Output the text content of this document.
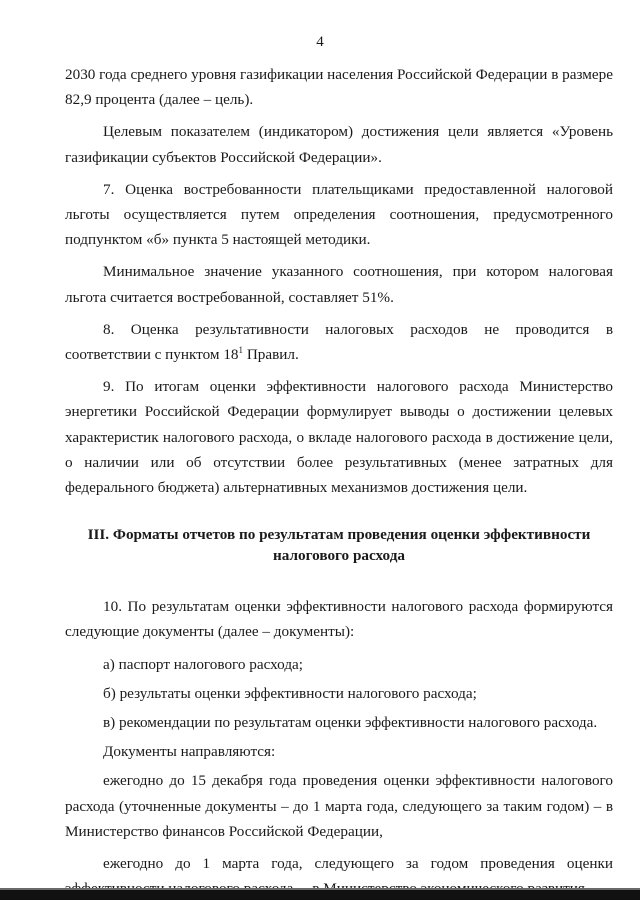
4

2030 года среднего уровня газификации населения Российской Федерации в размере 82,9 процента (далее – цель).

Целевым показателем (индикатором) достижения цели является «Уровень газификации субъектов Российской Федерации».

7. Оценка востребованности плательщиками предоставленной налоговой льготы осуществляется путем определения соотношения, предусмотренного подпунктом «б» пункта 5 настоящей методики.

Минимальное значение указанного соотношения, при котором налоговая льгота считается востребованной, составляет 51%.

8. Оценка результативности налоговых расходов не проводится в соответствии с пунктом $18^1$ Правил.

9. По итогам оценки эффективности налогового расхода Министерство энергетики Российской Федерации формулирует выводы о достижении целевых характеристик налогового расхода, о вкладе налогового расхода в достижение цели, о наличии или об отсутствии более результативных (менее затратных для федерального бюджета) альтернативных механизмов достижения цели.

III. Форматы отчетов по результатам проведения оценки эффективности
налогового расхода

10. По результатам оценки эффективности налогового расхода формируются следующие документы (далее – документы):

а) паспорт налогового расхода;

б) результаты оценки эффективности налогового расхода;

в) рекомендации по результатам оценки эффективности налогового расхода.

Документы направляются:

ежегодно до 15 декабря года проведения оценки эффективности налогового расхода (уточненные документы – до 1 марта года, следующего за таким годом) – в Министерство финансов Российской Федерации,

ежегодно до 1 марта года, следующего за годом проведения оценки
